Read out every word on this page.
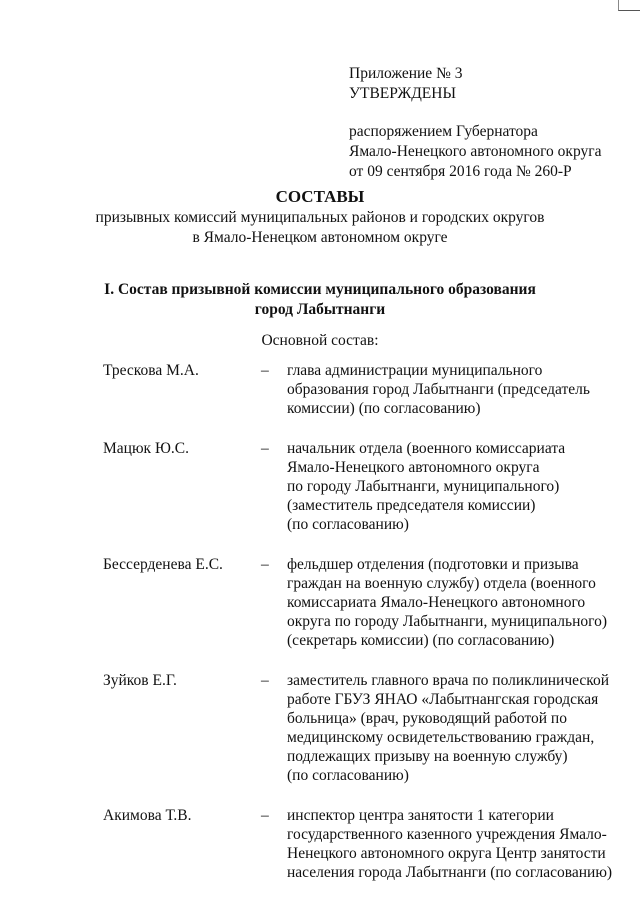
Приложение № 3
УТВЕРЖДЕНЫ
распоряжением Губернатора
Ямало-Ненецкого автономного округа
от 09 сентября 2016 года № 260-Р
СОСТАВЫ
призывных комиссий муниципальных районов и городских округов
в Ямало-Ненецком автономном округе
I. Состав призывной комиссии муниципального образования
город Лабытнанги
Основной состав:
Трескова М.А.	–	глава администрации муниципального
образования город Лабытнанги (председатель
комиссии) (по согласованию)
Мацюк Ю.С.	–	начальник отдела (военного комиссариата
Ямало-Ненецкого автономного округа
по городу Лабытнанги, муниципального)
(заместитель председателя комиссии)
(по согласованию)
Бессерденева Е.С.	–	фельдшер отделения (подготовки и призыва
граждан на военную службу) отдела (военного
комиссариата Ямало-Ненецкого автономного
округа по городу Лабытнанги, муниципального)
(секретарь комиссии) (по согласованию)
Зуйков Е.Г.	–	заместитель главного врача по поликлинической
работе ГБУЗ ЯНАО «Лабытнангская городская
больница» (врач, руководящий работой по
медицинскому освидетельствованию граждан,
подлежащих призыву на военную службу)
(по согласованию)
Акимова Т.В.	–	инспектор центра занятости 1 категории
государственного казенного учреждения Ямало-
Ненецкого автономного округа Центр занятости
населения города Лабытнанги (по согласованию)
